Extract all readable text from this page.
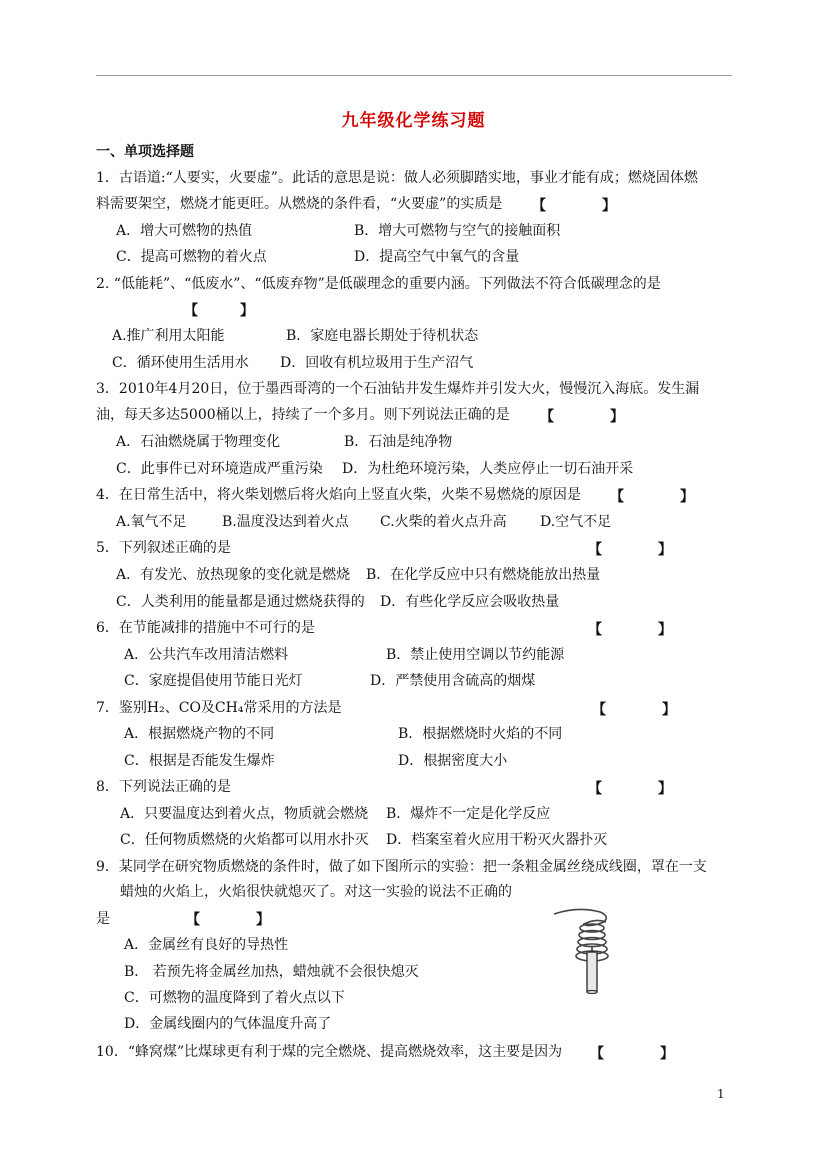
九年级化学练习题
一、单项选择题
1．古语道:“人要实，火要虚”。此话的意思是说：做人必须脚踏实地，事业才能有成；燃烧固体燃
料需要架空，燃烧才能更旺。从燃烧的条件看，“火要虚”的实质是 【　　　　】
A．增大可燃物的热值	B．增大可燃物与空气的接触面积
C．提高可燃物的着火点	D．提高空气中氧气的含量
2. “低能耗”、“低废水”、“低废弃物”是低碳理念的重要内涵。下列做法不符合低碳理念的是
【　　　】
A.推广利用太阳能	B．家庭电器长期处于待机状态
C．循环使用生活用水 D．回收有机垃圾用于生产沼气
3．2010年4月20日，位于墨西哥湾的一个石油钻井发生爆炸并引发大火，慢慢沉入海底。发生漏
油，每天多达5000桶以上，持续了一个多月。则下列说法正确的是 【　　　　】
A．石油燃烧属于物理变化	B．石油是纯净物
C．此事件已对环境造成严重污染 D．为杜绝环境污染，人类应停止一切石油开采
4．在日常生活中，将火柴划燃后将火焰向上竖直火柴，火柴不易燃烧的原因是 【　　　　】
A.氧气不足	B.温度没达到着火点 C.火柴的着火点升高 D.空气不足
5．下列叙述正确的是	【　　　　】
A．有发光、放热现象的变化就是燃烧 B．在化学反应中只有燃烧能放出热量
C．人类利用的能量都是通过燃烧获得的 D．有些化学反应会吸收热量
6．在节能减排的措施中不可行的是	【　　　　】
A．公共汽车改用清洁燃料	B．禁止使用空调以节约能源
C．家庭提倡使用节能日光灯	D．严禁使用含硫高的烟煤
7．鉴别H₂、CO及CH₄常采用的方法是	【　　　　】
A．根据燃烧产物的不同	B．根据燃烧时火焰的不同
C．根据是否能发生爆炸	D．根据密度大小
8．下列说法正确的是	【　　　　】
A．只要温度达到着火点，物质就会燃烧 B．爆炸不一定是化学反应
C．任何物质燃烧的火焰都可以用水扑灭 D．档案室着火应用干粉灭火器扑灭
9．某同学在研究物质燃烧的条件时，做了如下图所示的实验：把一条粗金属丝绕成线圈，罩在一支
蜡烛的火焰上，火焰很快就熄灭了。对这一实验的说法不正确的
是	【　　　　】
A．金属丝有良好的导热性
B． 若预先将金属丝加热，蜡烛就不会很快熄灭
C．可燃物的温度降到了着火点以下
D．金属线圈内的气体温度升高了
10．“蜂窝煤”比煤球更有利于煤的完全燃烧、提高燃烧效率，这主要是因为 【　　　　】
1
